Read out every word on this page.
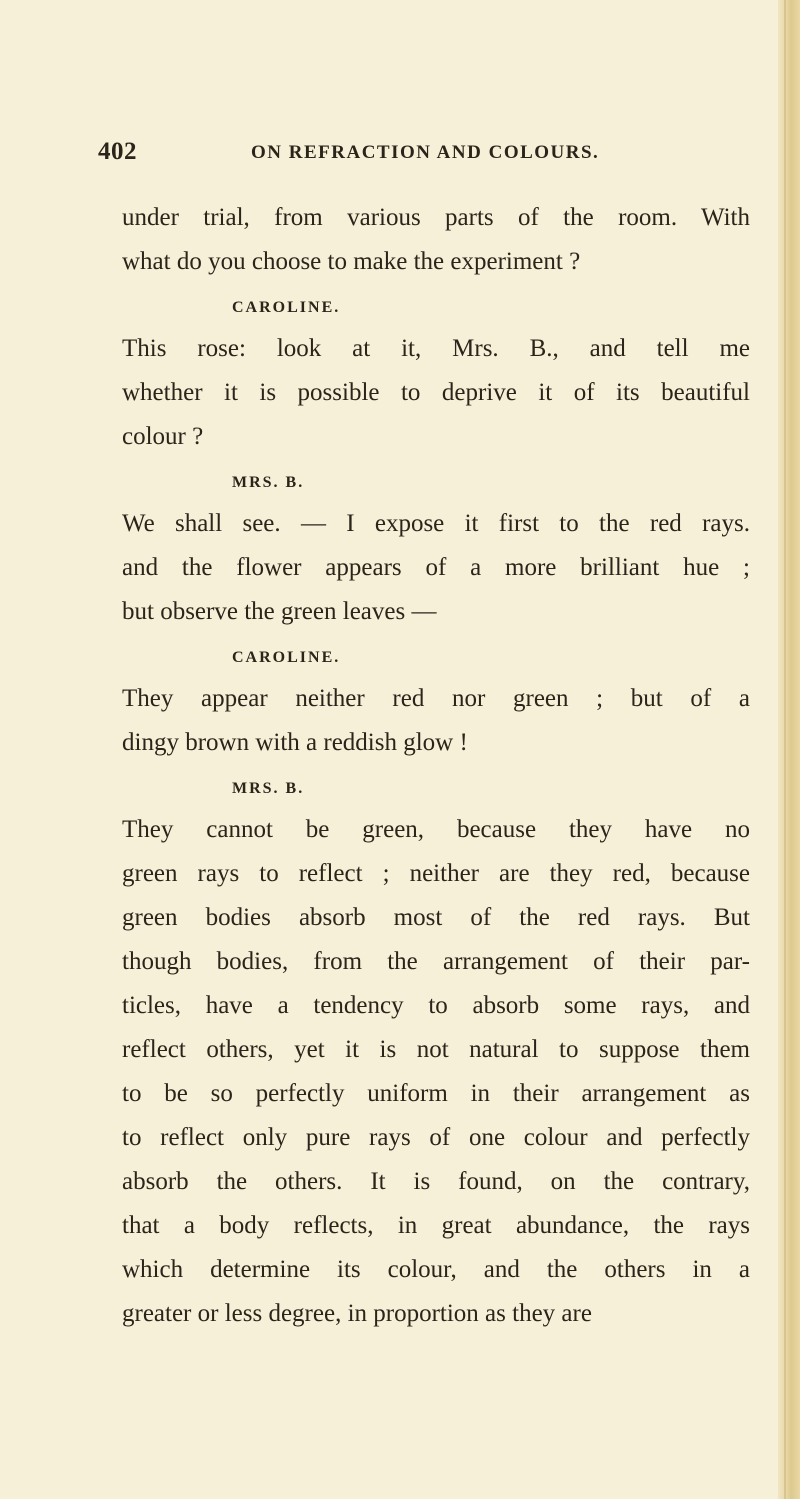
402	ON REFRACTION AND COLOURS.
under trial, from various parts of the room. With
what do you choose to make the experiment ?
CAROLINE.
This rose: look at it, Mrs. B., and tell me
whether it is possible to deprive it of its beautiful
colour ?
MRS. B.
We shall see. — I expose it first to the red rays.
and the flower appears of a more brilliant hue ;
but observe the green leaves —
CAROLINE.
They appear neither red nor green ; but of a
dingy brown with a reddish glow !
MRS. B.
They cannot be green, because they have no
green rays to reflect ; neither are they red, because
green bodies absorb most of the red rays. But
though bodies, from the arrangement of their par-
ticles, have a tendency to absorb some rays, and
reflect others, yet it is not natural to suppose them
to be so perfectly uniform in their arrangement as
to reflect only pure rays of one colour and perfectly
absorb the others. It is found, on the contrary,
that a body reflects, in great abundance, the rays
which determine its colour, and the others in a
greater or less degree, in proportion as they are
